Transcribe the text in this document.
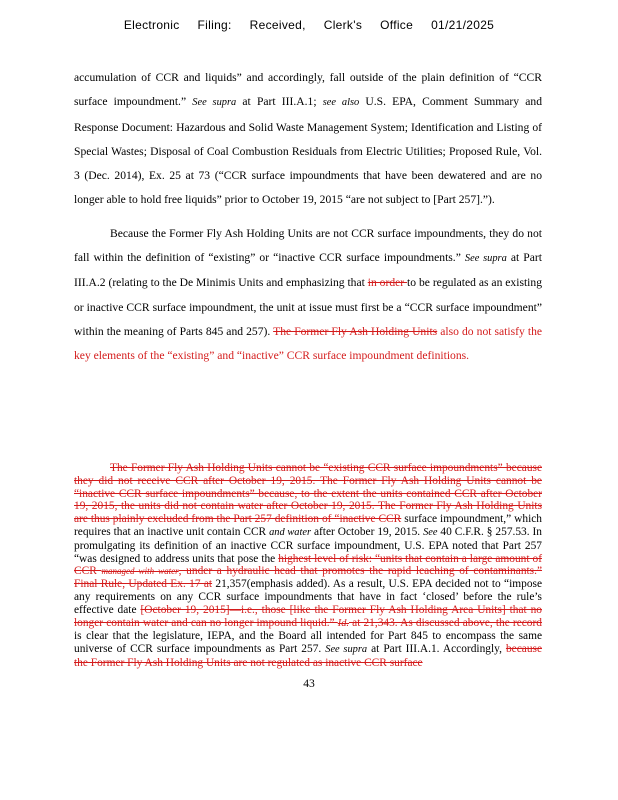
Electronic Filing: Received, Clerk's Office 01/21/2025

accumulation of CCR and liquids” and accordingly, fall outside of the plain definition of “CCR surface impoundment.” See supra at Part III.A.1; see also U.S. EPA, Comment Summary and Response Document: Hazardous and Solid Waste Management System; Identification and Listing of Special Wastes; Disposal of Coal Combustion Residuals from Electric Utilities; Proposed Rule, Vol. 3 (Dec. 2014), Ex. 25 at 73 (“CCR surface impoundments that have been dewatered and are no longer able to hold free liquids” prior to October 19, 2015 “are not subject to [Part 257].”).

Because the Former Fly Ash Holding Units are not CCR surface impoundments, they do not fall within the definition of “existing” or “inactive CCR surface impoundments.” See supra at Part III.A.2 (relating to the De Minimis Units and emphasizing that in order to be regulated as an existing or inactive CCR surface impoundment, the unit at issue must first be a “CCR surface impoundment” within the meaning of Parts 845 and 257). The Former Fly Ash Holding Units also do not satisfy the key elements of the “existing” and “inactive” CCR surface impoundment definitions.

The Former Fly Ash Holding Units cannot be “existing CCR surface impoundments” because they did not receive CCR after October 19, 2015. The Former Fly Ash Holding Units cannot be “inactive CCR surface impoundments” because, to the extent the units contained CCR after October 19, 2015, the units did not contain water after October 19, 2015. The Former Fly Ash Holding Units are thus plainly excluded from the Part 257 definition of “inactive CCR surface impoundment,” which requires that an inactive unit contain CCR and water after October 19, 2015. See 40 C.F.R. § 257.53. In promulgating its definition of an inactive CCR surface impoundment, U.S. EPA noted that Part 257 “was designed to address units that pose the highest level of risk: “units that contain a large amount of CCR managed with water, under a hydraulic head that promotes the rapid leaching of contaminants.” Final Rule, Updated Ex. 17 at 21,357(emphasis added). As a result, U.S. EPA decided not to “impose any requirements on any CCR surface impoundments that have in fact ‘closed’ before the rule’s effective date [October 19, 2015]—i.e., those [like the Former Fly Ash Holding Area Units] that no longer contain water and can no longer impound liquid.” Id. at 21,343. As discussed above, the record is clear that the legislature, IEPA, and the Board all intended for Part 845 to encompass the same universe of CCR surface impoundments as Part 257. See supra at Part III.A.1. Accordingly, because the Former Fly Ash Holding Units are not regulated as inactive CCR surface

43
